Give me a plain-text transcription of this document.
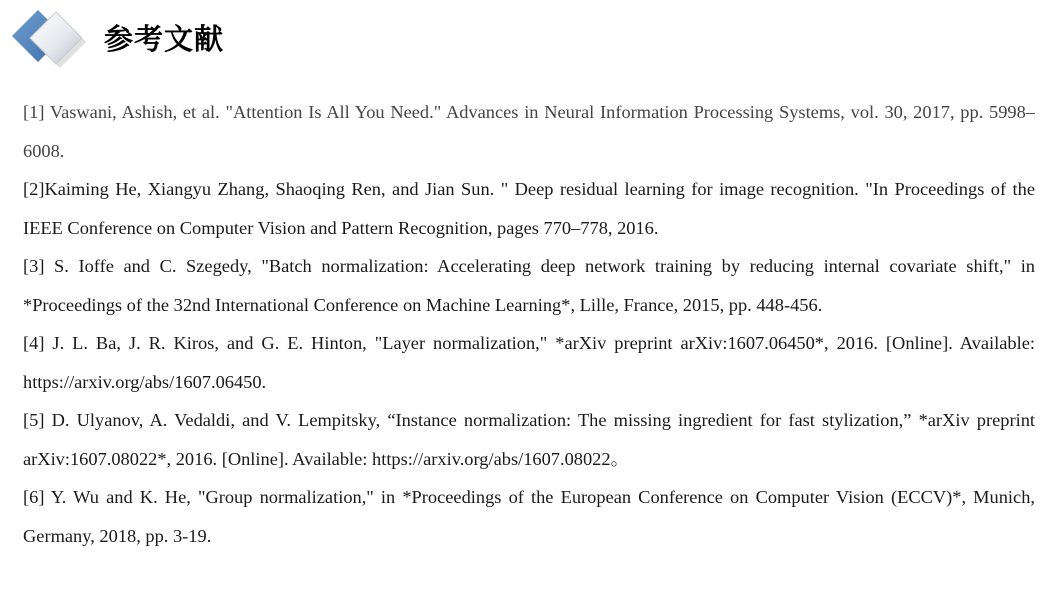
参考文献
[1] Vaswani, Ashish, et al. "Attention Is All You Need." Advances in Neural Information Processing Systems, vol. 30, 2017, pp. 5998–6008.
[2]Kaiming He, Xiangyu Zhang, Shaoqing Ren, and Jian Sun. " Deep residual learning for image recognition. "In Proceedings of the IEEE Conference on Computer Vision and Pattern Recognition, pages 770–778, 2016.
[3] S. Ioffe and C. Szegedy, "Batch normalization: Accelerating deep network training by reducing internal covariate shift," in *Proceedings of the 32nd International Conference on Machine Learning*, Lille, France, 2015, pp. 448-456.
[4] J. L. Ba, J. R. Kiros, and G. E. Hinton, "Layer normalization," *arXiv preprint arXiv:1607.06450*, 2016. [Online]. Available: https://arxiv.org/abs/1607.06450.
[5] D. Ulyanov, A. Vedaldi, and V. Lempitsky, “Instance normalization: The missing ingredient for fast stylization,” *arXiv preprint arXiv:1607.08022*, 2016. [Online]. Available: https://arxiv.org/abs/1607.08022。
[6] Y. Wu and K. He, "Group normalization," in *Proceedings of the European Conference on Computer Vision (ECCV)*, Munich, Germany, 2018, pp. 3-19.
